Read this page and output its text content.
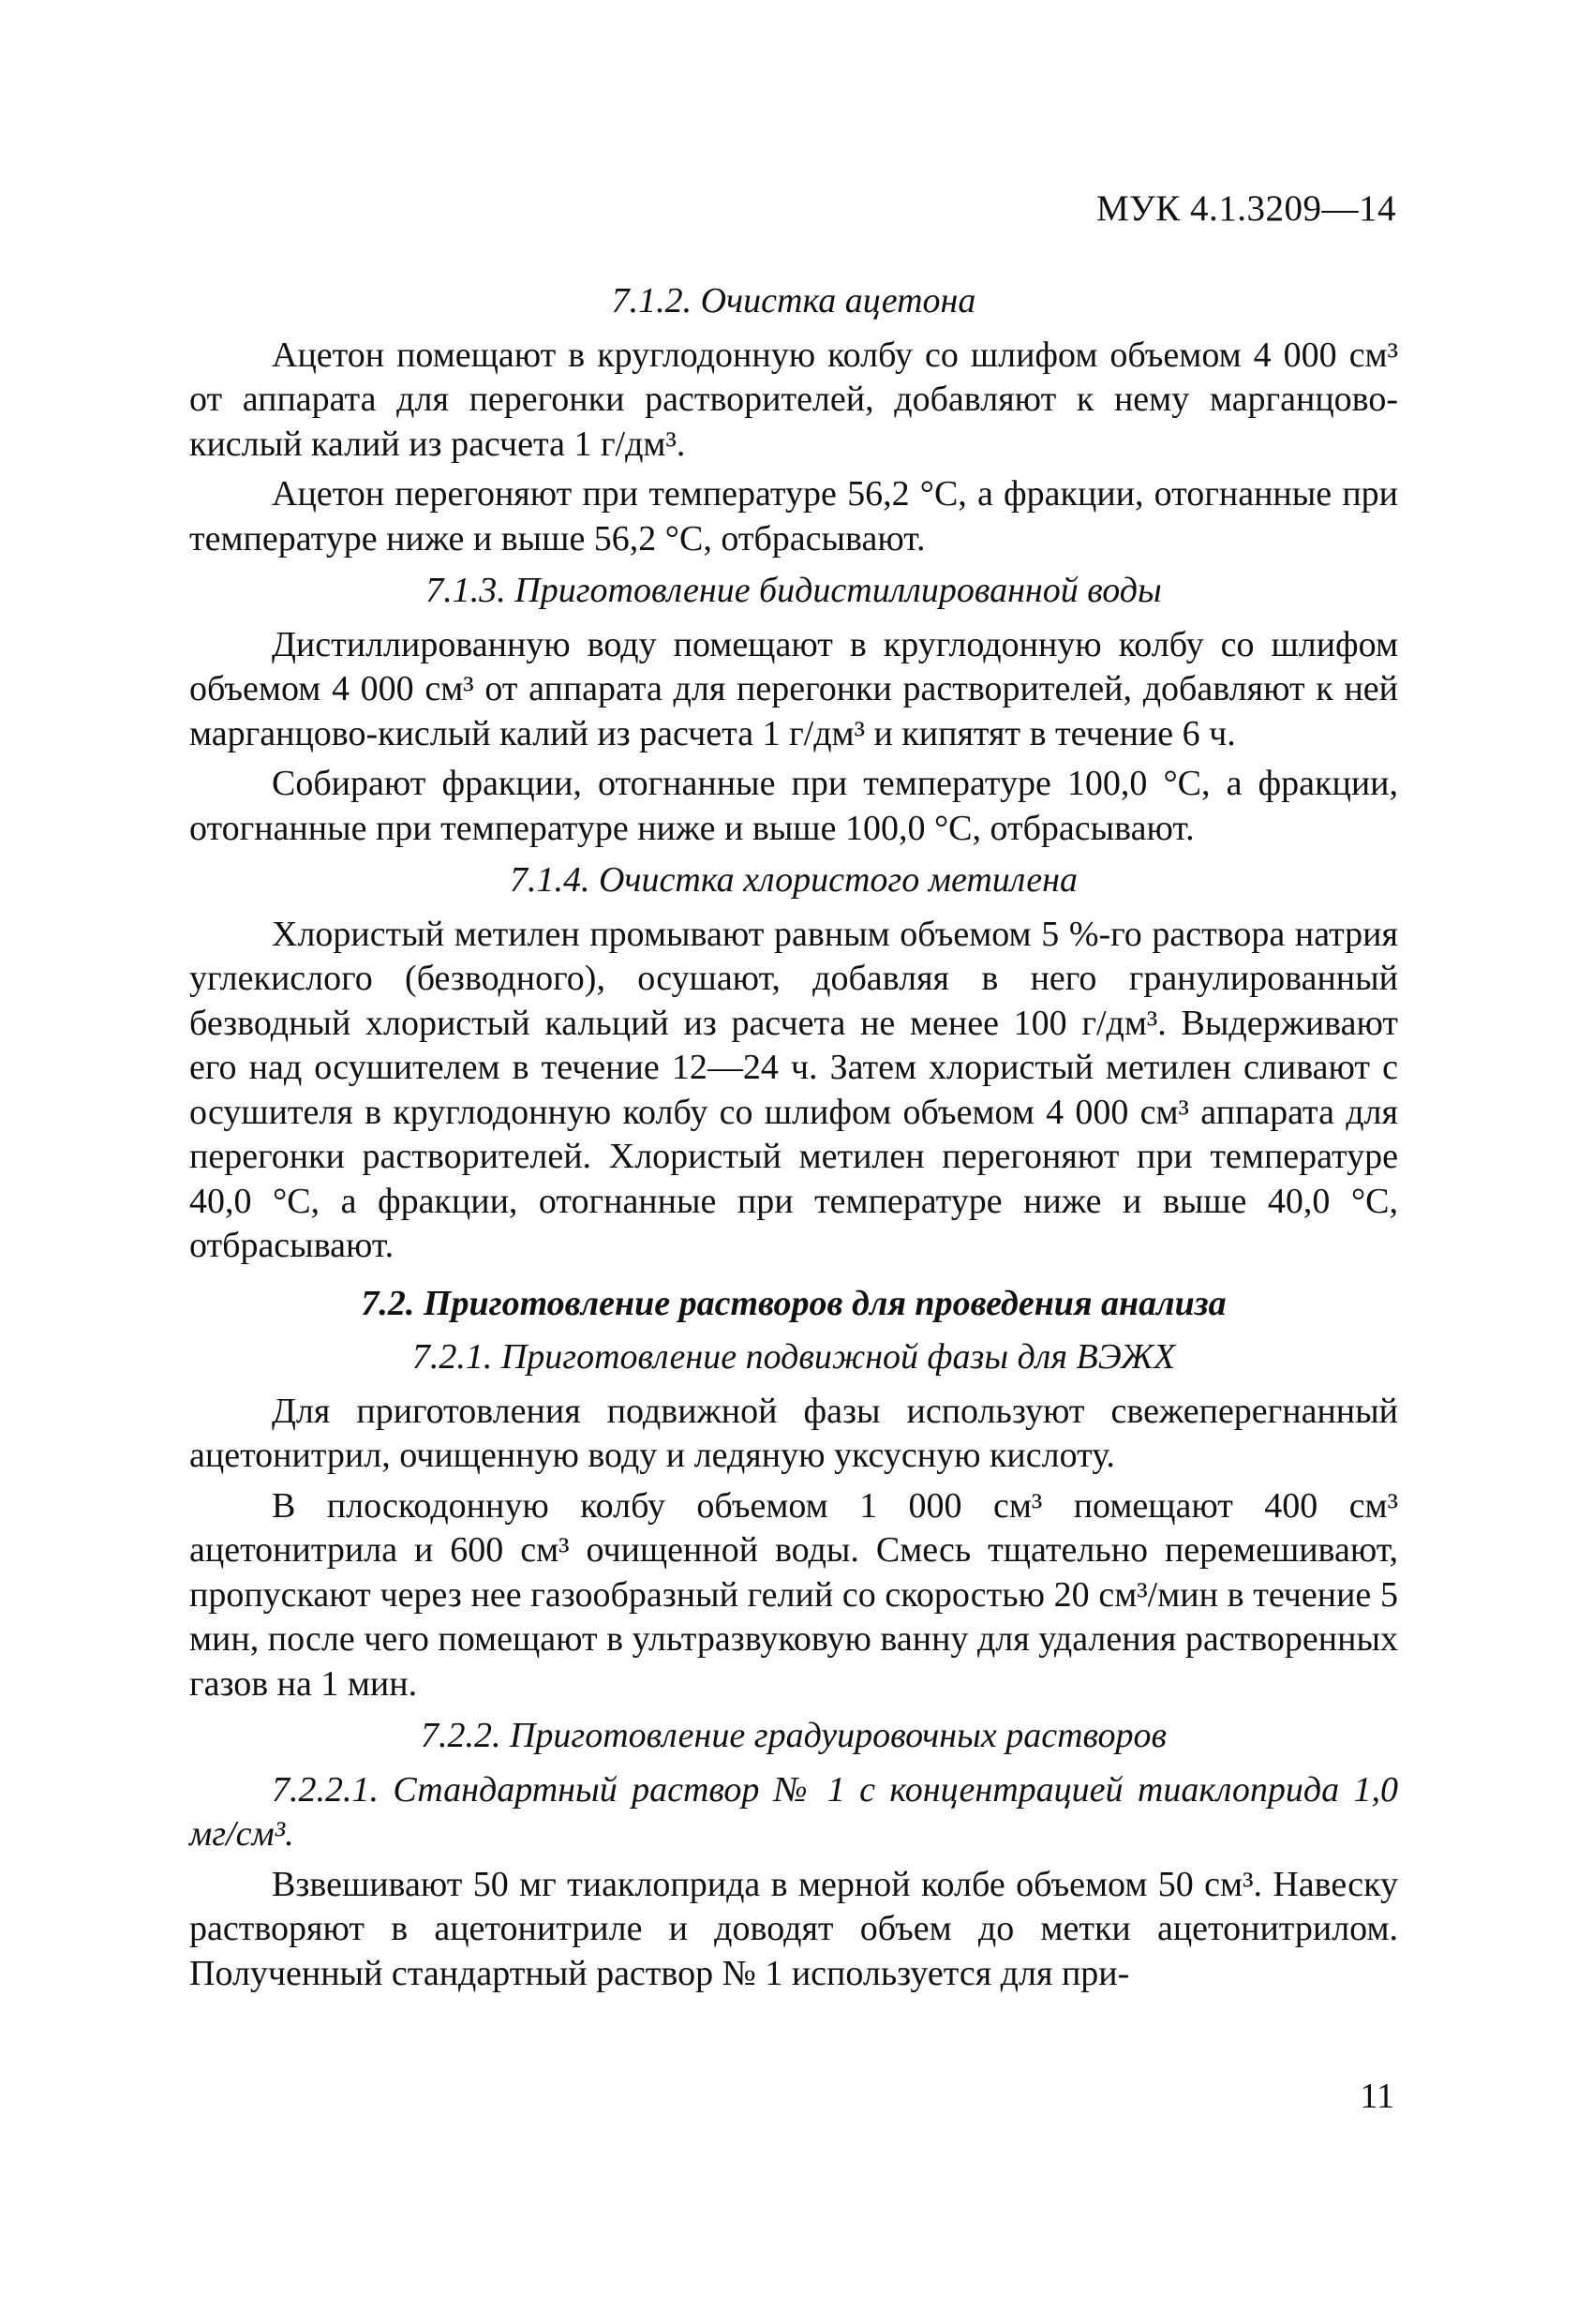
МУК 4.1.3209—14
7.1.2. Очистка ацетона

Ацетон помещают в круглодонную колбу со шлифом объемом 4 000 см³ от аппарата для перегонки растворителей, добавляют к нему марганцово-кислый калий из расчета 1 г/дм³.

Ацетон перегоняют при температуре 56,2 °С, а фракции, отогнанные при температуре ниже и выше 56,2 °С, отбрасывают.

7.1.3. Приготовление бидистиллированной воды

Дистиллированную воду помещают в круглодонную колбу со шлифом объемом 4 000 см³ от аппарата для перегонки растворителей, добавляют к ней марганцово-кислый калий из расчета 1 г/дм³ и кипятят в течение 6 ч.

Собирают фракции, отогнанные при температуре 100,0 °С, а фракции, отогнанные при температуре ниже и выше 100,0 °С, отбрасывают.

7.1.4. Очистка хлористого метилена

Хлористый метилен промывают равным объемом 5 %-го раствора натрия углекислого (безводного), осушают, добавляя в него гранулированный безводный хлористый кальций из расчета не менее 100 г/дм³. Выдерживают его над осушителем в течение 12—24 ч. Затем хлористый метилен сливают с осушителя в круглодонную колбу со шлифом объемом 4 000 см³ аппарата для перегонки растворителей. Хлористый метилен перегоняют при температуре 40,0 °С, а фракции, отогнанные при температуре ниже и выше 40,0 °С, отбрасывают.

7.2. Приготовление растворов для проведения анализа
7.2.1. Приготовление подвижной фазы для ВЭЖХ

Для приготовления подвижной фазы используют свежеперегнанный ацетонитрил, очищенную воду и ледяную уксусную кислоту.

В плоскодонную колбу объемом 1 000 см³ помещают 400 см³ ацетонитрила и 600 см³ очищенной воды. Смесь тщательно перемешивают, пропускают через нее газообразный гелий со скоростью 20 см³/мин в течение 5 мин, после чего помещают в ультразвуковую ванну для удаления растворенных газов на 1 мин.

7.2.2. Приготовление градуировочных растворов

7.2.2.1. Стандартный раствор № 1 с концентрацией тиаклоприда 1,0 мг/см³.

Взвешивают 50 мг тиаклоприда в мерной колбе объемом 50 см³. Навеску растворяют в ацетонитриле и доводят объем до метки ацетонитрилом. Полученный стандартный раствор № 1 используется для при-

11
